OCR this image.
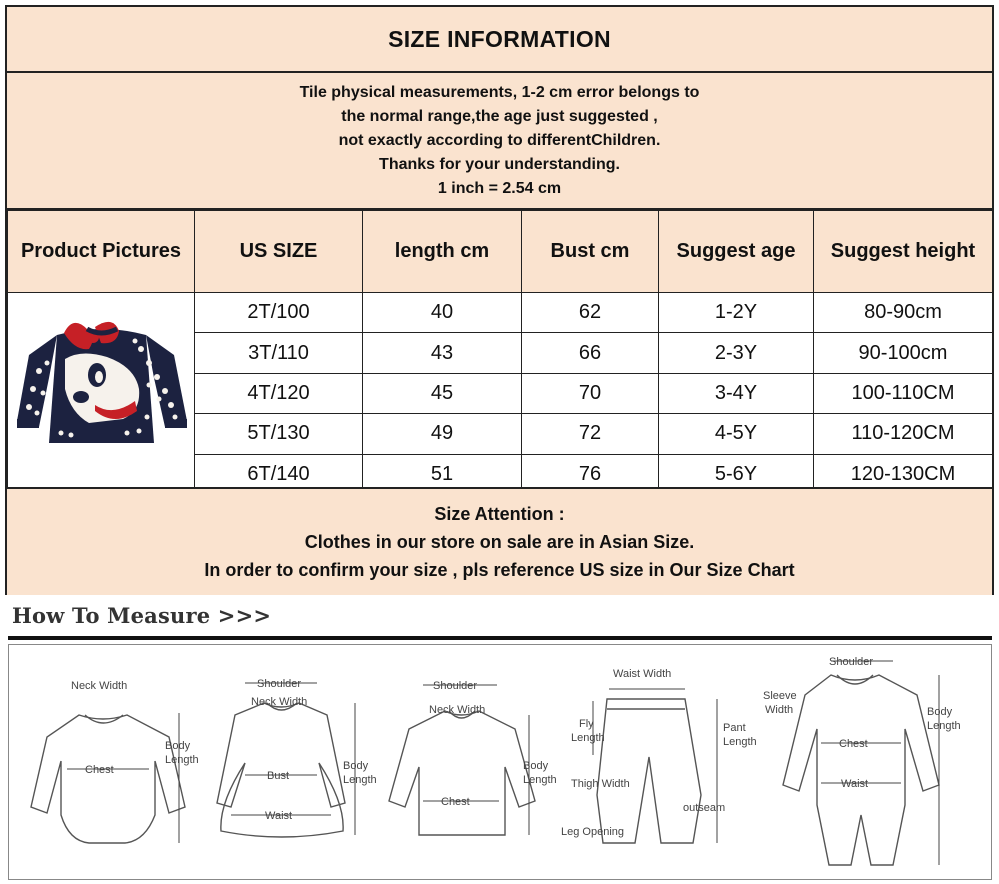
SIZE INFORMATION
Tile physical measurements, 1-2 cm error belongs to
the normal range,the age just suggested ,
not exactly according to differentChildren.
Thanks for your understanding.
1 inch = 2.54 cm
Product Pictures	US SIZE	length cm	Bust cm	Suggest age	Suggest height
	2T/100	40	62	1-2Y	80-90cm
	3T/110	43	66	2-3Y	90-100cm
	4T/120	45	70	3-4Y	100-110CM
	5T/130	49	72	4-5Y	110-120CM
	6T/140	51	76	5-6Y	120-130CM
Size Attention :
Clothes in our store on sale are in Asian Size.
In order to confirm your size , pls reference US size in Our Size Chart
How To Measure >>>
Neck Width
Chest
Body
Length
Shoulder
Neck Width
Bust
Waist
Body
Length
Shoulder
Neck Width
Chest
Body
Length
Waist Width
Fly
Length
Pant
Length
Thigh Width
outseam
Leg Opening
Shoulder
Sleeve
Width	Body
Length
Chest
Waist
